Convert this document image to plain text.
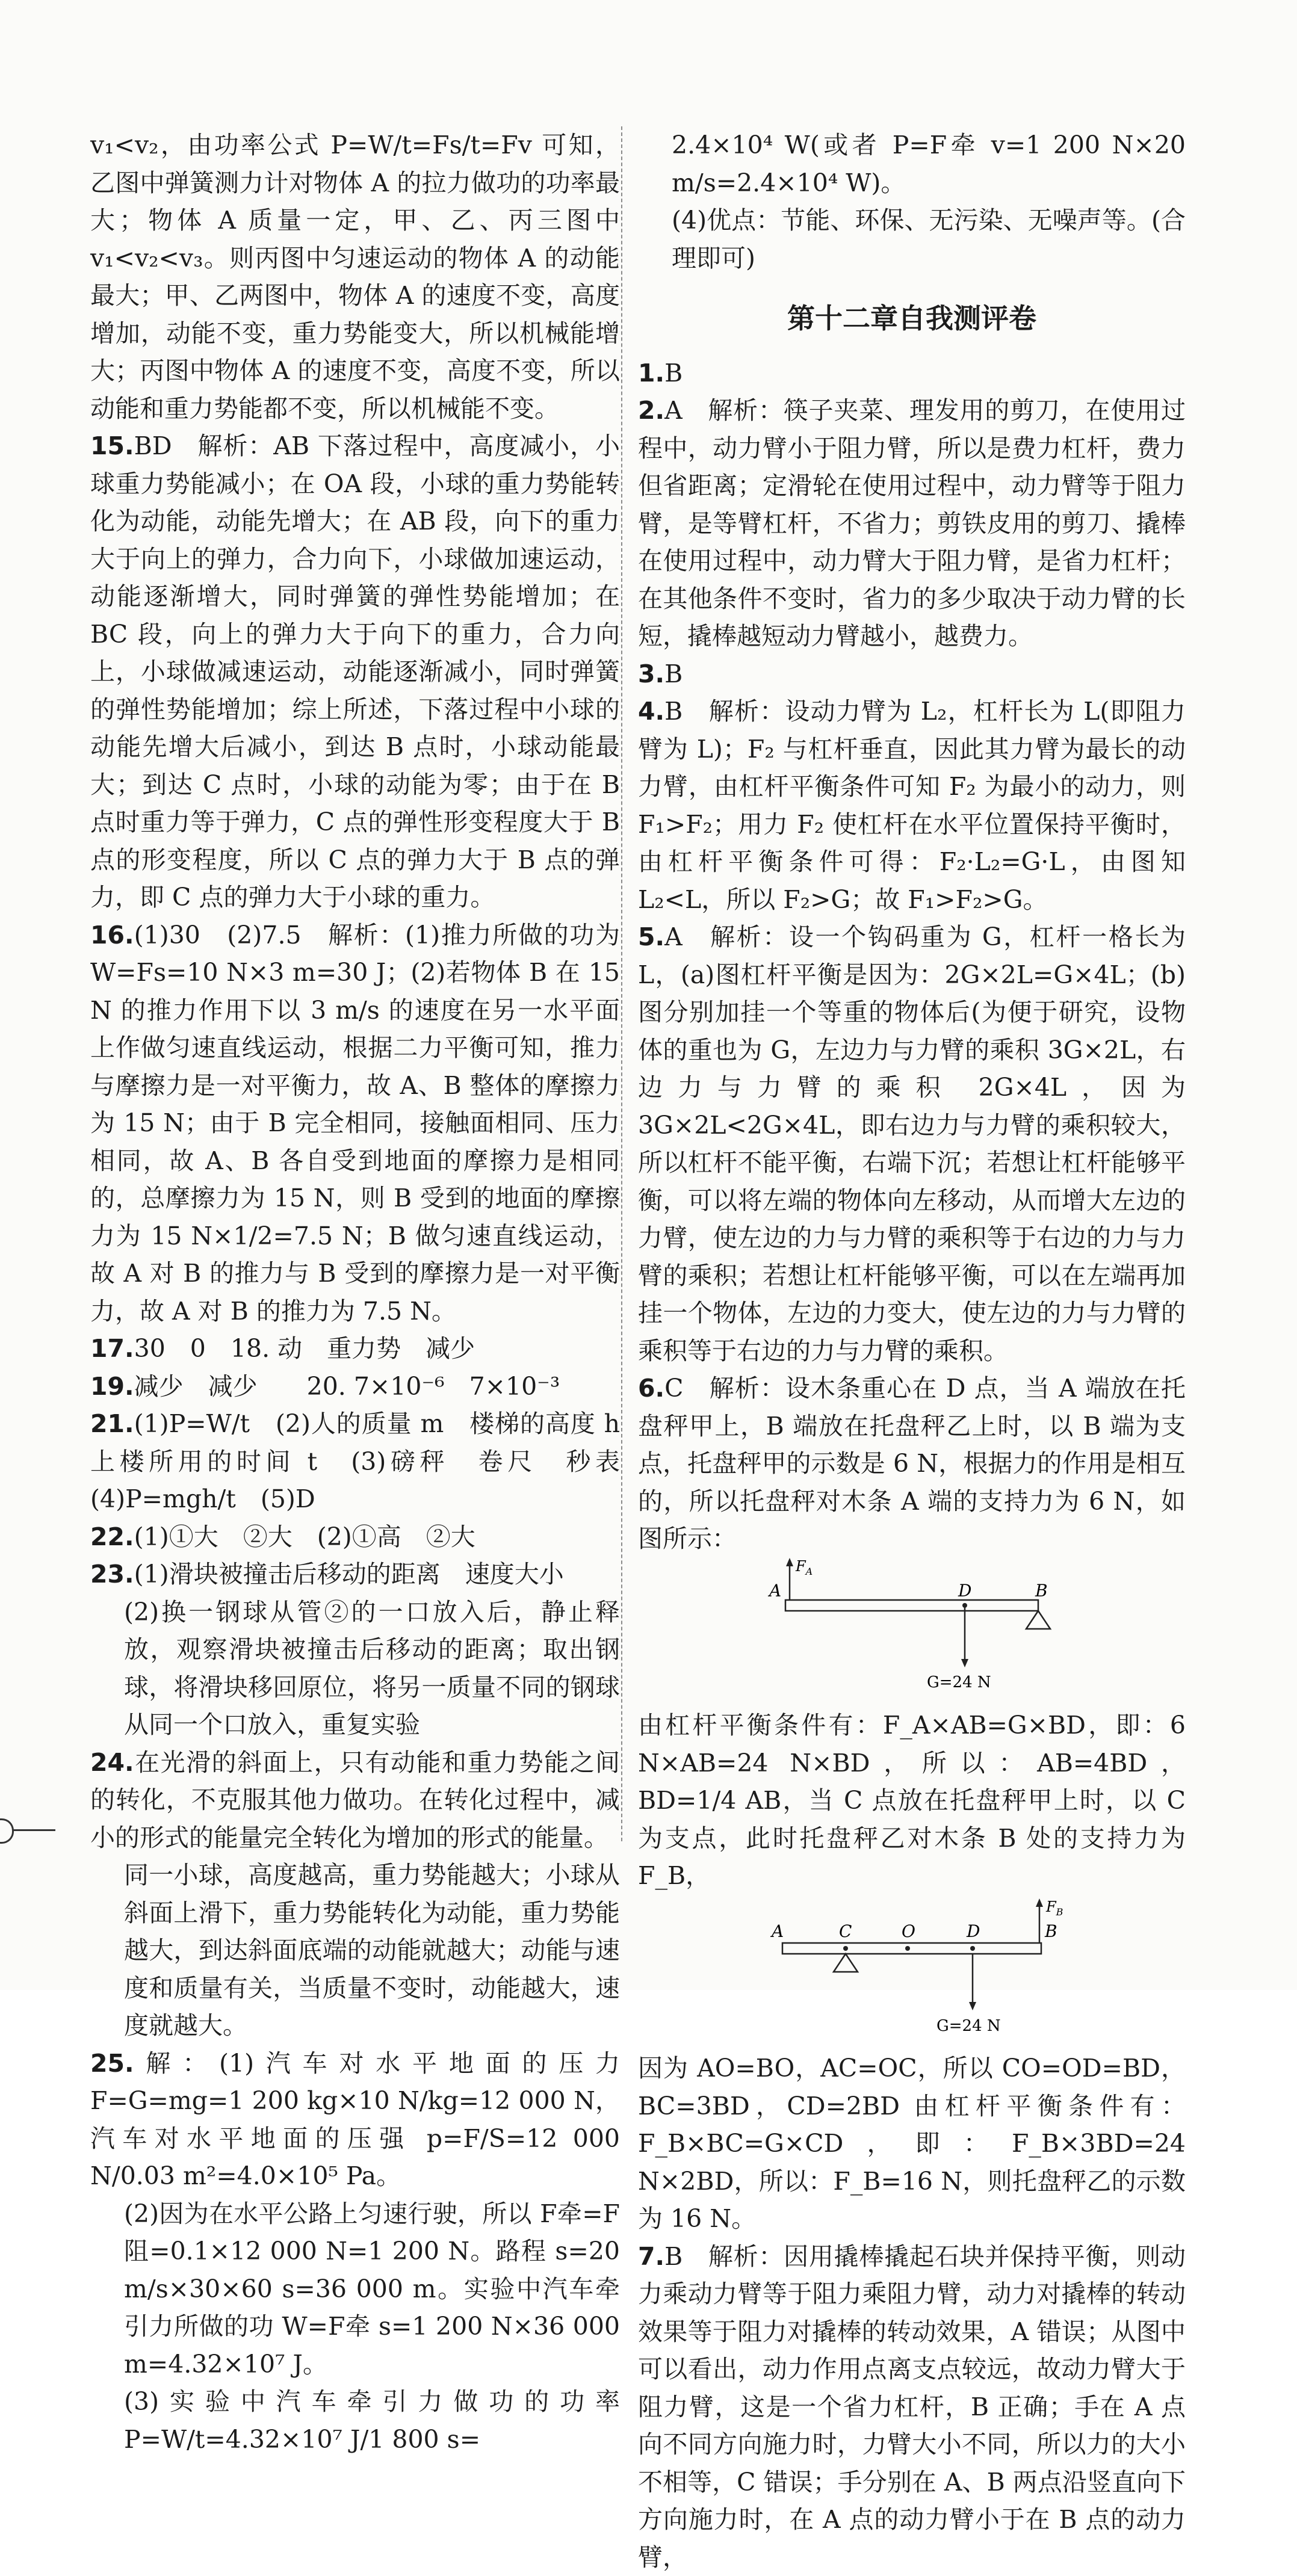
v₁<v₂，由功率公式 P=W/t=Fs/t=Fv 可知，乙图中弹簧测力计对物体 A 的拉力做功的功率最大；物体 A 质量一定，甲、乙、丙三图中 v₁<v₂<v₃。则丙图中匀速运动的物体 A 的动能最大；甲、乙两图中，物体 A 的速度不变，高度增加，动能不变，重力势能变大，所以机械能增大；丙图中物体 A 的速度不变，高度不变，所以动能和重力势能都不变，所以机械能不变。

15.BD　解析：AB 下落过程中，高度减小，小球重力势能减小；在 OA 段，小球的重力势能转化为动能，动能先增大；在 AB 段，向下的重力大于向上的弹力，合力向下，小球做加速运动，动能逐渐增大，同时弹簧的弹性势能增加；在 BC 段，向上的弹力大于向下的重力，合力向上，小球做减速运动，动能逐渐减小，同时弹簧的弹性势能增加；综上所述，下落过程中小球的动能先增大后减小，到达 B 点时，小球动能最大；到达 C 点时，小球的动能为零；由于在 B 点时重力等于弹力，C 点的弹性形变程度大于 B 点的形变程度，所以 C 点的弹力大于 B 点的弹力，即 C 点的弹力大于小球的重力。

16.(1)30　(2)7.5　解析：(1)推力所做的功为 W=Fs=10 N×3 m=30 J；(2)若物体 B 在 15 N 的推力作用下以 3 m/s 的速度在另一水平面上作做匀速直线运动，根据二力平衡可知，推力与摩擦力是一对平衡力，故 A、B 整体的摩擦力为 15 N；由于 B 完全相同，接触面相同、压力相同，故 A、B 各自受到地面的摩擦力是相同的，总摩擦力为 15 N，则 B 受到的地面的摩擦力为 15 N×1/2=7.5 N；B 做匀速直线运动，故 A 对 B 的推力与 B 受到的摩擦力是一对平衡力，故 A 对 B 的推力为 7.5 N。

17.30　0　18. 动　重力势　减少

19.减少　减少　　20. 7×10⁻⁶　7×10⁻³

21.(1)P=W/t　(2)人的质量 m　楼梯的高度 h　上楼所用的时间 t　(3)磅秤　卷尺　秒表　(4)P=mgh/t　(5)D

22.(1)①大　②大　(2)①高　②大

23.(1)滑块被撞击后移动的距离　速度大小

(2)换一钢球从管②的一口放入后，静止释放，观察滑块被撞击后移动的距离；取出钢球，将滑块移回原位，将另一质量不同的钢球从同一个口放入，重复实验

24.在光滑的斜面上，只有动能和重力势能之间的转化，不克服其他力做功。在转化过程中，减小的形式的能量完全转化为增加的形式的能量。

同一小球，高度越高，重力势能越大；小球从斜面上滑下，重力势能转化为动能，重力势能越大，到达斜面底端的动能就越大；动能与速度和质量有关，当质量不变时，动能越大，速度就越大。

25.解：(1)汽车对水平地面的压力 F=G=mg=1 200 kg×10 N/kg=12 000 N，汽车对水平地面的压强 p=F/S=12 000 N/0.03 m²=4.0×10⁵ Pa。

(2)因为在水平公路上匀速行驶，所以 F牵=F阻=0.1×12 000 N=1 200 N。路程 s=20 m/s×30×60 s=36 000 m。实验中汽车牵引力所做的功 W=F牵 s=1 200 N×36 000 m=4.32×10⁷ J。

(3)实验中汽车牵引力做功的功率 P=W/t=4.32×10⁷ J/1 800 s=

2.4×10⁴ W(或者 P=F牵 v=1 200 N×20 m/s=2.4×10⁴ W)。

(4)优点：节能、环保、无污染、无噪声等。(合理即可)

第十二章自我测评卷

1.B

2.A　解析：筷子夹菜、理发用的剪刀，在使用过程中，动力臂小于阻力臂，所以是费力杠杆，费力但省距离；定滑轮在使用过程中，动力臂等于阻力臂，是等臂杠杆，不省力；剪铁皮用的剪刀、撬棒在使用过程中，动力臂大于阻力臂，是省力杠杆；在其他条件不变时，省力的多少取决于动力臂的长短，撬棒越短动力臂越小，越费力。

3.B

4.B　解析：设动力臂为 L₂，杠杆长为 L(即阻力臂为 L)；F₂ 与杠杆垂直，因此其力臂为最长的动力臂，由杠杆平衡条件可知 F₂ 为最小的动力，则 F₁>F₂；用力 F₂ 使杠杆在水平位置保持平衡时，由杠杆平衡条件可得：F₂·L₂=G·L，由图知 L₂<L，所以 F₂>G；故 F₁>F₂>G。

5.A　解析：设一个钩码重为 G，杠杆一格长为 L，(a)图杠杆平衡是因为：2G×2L=G×4L；(b)图分别加挂一个等重的物体后(为便于研究，设物体的重也为 G，左边力与力臂的乘积 3G×2L，右边力与力臂的乘积 2G×4L，因为 3G×2L<2G×4L，即右边力与力臂的乘积较大，所以杠杆不能平衡，右端下沉；若想让杠杆能够平衡，可以将左端的物体向左移动，从而增大左边的力臂，使左边的力与力臂的乘积等于右边的力与力臂的乘积；若想让杠杆能够平衡，可以在左端再加挂一个物体，左边的力变大，使左边的力与力臂的乘积等于右边的力与力臂的乘积。

6.C　解析：设木条重心在 D 点，当 A 端放在托盘秤甲上，B 端放在托盘秤乙上时，以 B 端为支点，托盘秤甲的示数是 6 N，根据力的作用是相互的，所以托盘秤对木条 A 端的支持力为 6 N，如图所示：

$F_A$
A	D	B
G=24 N

由杠杆平衡条件有：F_A×AB=G×BD，即：6 N×AB=24 N×BD，所以：AB=4BD，BD=1/4 AB，当 C 点放在托盘秤甲上时，以 C 为支点，此时托盘秤乙对木条 B 处的支持力为 F_B，

$F_B$
A	C	O	D	B
G=24 N

因为 AO=BO，AC=OC，所以 CO=OD=BD，BC=3BD，CD=2BD 由杠杆平衡条件有：F_B×BC=G×CD，即：F_B×3BD=24 N×2BD，所以：F_B=16 N，则托盘秤乙的示数为 16 N。

7.B　解析：因用撬棒撬起石块并保持平衡，则动力乘动力臂等于阻力乘阻力臂，动力对撬棒的转动效果等于阻力对撬棒的转动效果，A 错误；从图中可以看出，动力作用点离支点较远，故动力臂大于阻力臂，这是一个省力杠杆，B 正确；手在 A 点向不同方向施力时，力臂大小不同，所以力的大小不相等，C 错误；手分别在 A、B 两点沿竖直向下方向施力时，在 A 点的动力臂小于在 B 点的动力臂，
